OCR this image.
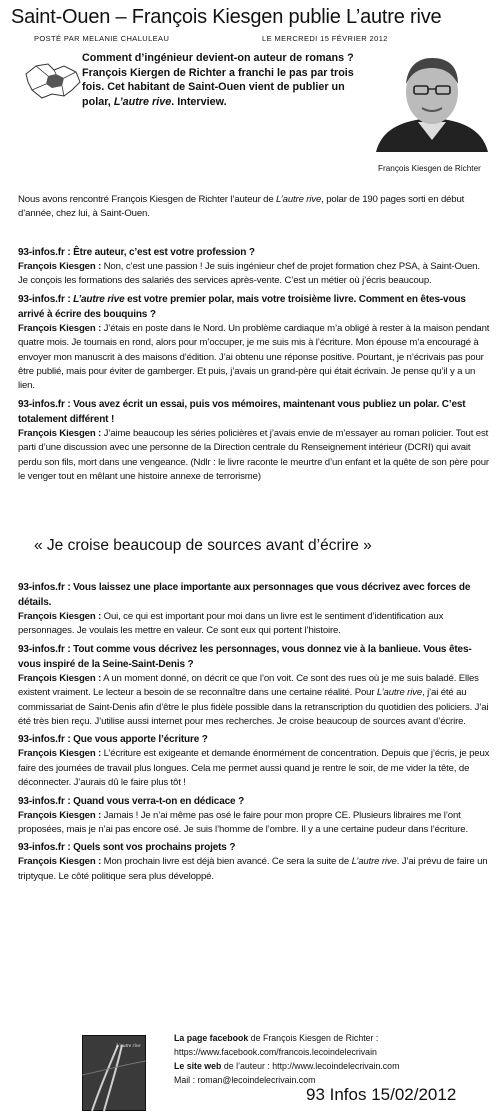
Saint-Ouen – François Kiesgen publie L’autre rive
POSTÉ PAR MELANIE CHALULEAU	LE MERCREDI 15 FÉVRIER 2012
Comment d’ingénieur devient-on auteur de romans ? François Kiergen de Richter a franchi le pas par trois fois. Cet habitant de Saint-Ouen vient de publier un polar, L’autre rive. Interview.
François Kiesgen de Richter
Nous avons rencontré François Kiesgen de Richter l’auteur de L’autre rive, polar de 190 pages sorti en début d’année, chez lui, à Saint-Ouen.
93-infos.fr : Être auteur, c’est est votre profession ?

François Kiesgen : Non, c’est une passion ! Je suis ingénieur chef de projet formation chez PSA, à Saint-Ouen. Je conçois les formations des salariés des services après-vente. C’est un métier où j’écris beaucoup.

93-infos.fr : L’autre rive est votre premier polar, mais votre troisième livre. Comment en êtes-vous arrivé à écrire des bouquins ?

François Kiesgen : J’étais en poste dans le Nord. Un problème cardiaque m’a obligé à rester à la maison pendant quatre mois. Je tournais en rond, alors pour m’occuper, je me suis mis à l’écriture. Mon épouse m’a encouragé à envoyer mon manuscrit à des maisons d’édition. J’ai obtenu une réponse positive. Pourtant, je n’écrivais pas pour être publié, mais pour éviter de gamberger. Et puis, j’avais un grand-père qui était écrivain. Je pense qu’il y a un lien.

93-infos.fr : Vous avez écrit un essai, puis vos mémoires, maintenant vous publiez un polar. C’est totalement différent !

François Kiesgen : J’aime beaucoup les séries policières et j’avais envie de m’essayer au roman policier. Tout est parti d’une discussion avec une personne de la Direction centrale du Renseignement intérieur (DCRI) qui avait perdu son fils, mort dans une vengeance. (Ndlr : le livre raconte le meurtre d’un enfant et la quête de son père pour le venger tout en mêlant une histoire annexe de terrorisme)

« Je croise beaucoup de sources avant d’écrire »
93-infos.fr : Vous laissez une place importante aux personnages que vous décrivez avec forces de détails.

François Kiesgen : Oui, ce qui est important pour moi dans un livre est le sentiment d’identification aux personnages. Je voulais les mettre en valeur. Ce sont eux qui portent l’histoire.

93-infos.fr : Tout comme vous décrivez les personnages, vous donnez vie à la banlieue. Vous êtes-vous inspiré de la Seine-Saint-Denis ?

François Kiesgen : A un moment donné, on décrit ce que l’on voit. Ce sont des rues où je me suis baladé. Elles existent vraiment. Le lecteur a besoin de se reconnaître dans une certaine réalité. Pour L’autre rive, j’ai été au commissariat de Saint-Denis afin d’être le plus fidèle possible dans la retranscription du quotidien des policiers. J’ai été très bien reçu. J’utilise aussi internet pour mes recherches. Je croise beaucoup de sources avant d’écrire.

93-infos.fr : Que vous apporte l’écriture ?

François Kiesgen : L’écriture est exigeante et demande énormément de concentration. Depuis que j’écris, je peux faire des journées de travail plus longues. Cela me permet aussi quand je rentre le soir, de me vider la tête, de déconnecter. J’aurais dû le faire plus tôt !

93-infos.fr : Quand vous verra-t-on en dédicace ?

François Kiesgen : Jamais ! Je n’ai même pas osé le faire pour mon propre CE. Plusieurs libraires me l’ont proposées, mais je n’ai pas encore osé. Je suis l’homme de l’ombre. Il y a une certaine pudeur dans l’écriture.

93-infos.fr : Quels sont vos prochains projets ?

François Kiesgen : Mon prochain livre est déjà bien avancé. Ce sera la suite de L’autre rive. J’ai prévu de faire un triptyque. Le côté politique sera plus développé.

L’autre rive
La page facebook de François Kiesgen de Richter :
https://www.facebook.com/francois.lecoindelecrivain
Le site web de l’auteur : http://www.lecoindelecrivain.com
Mail : roman@lecoindelecrivain.com
93 Infos 15/02/2012
